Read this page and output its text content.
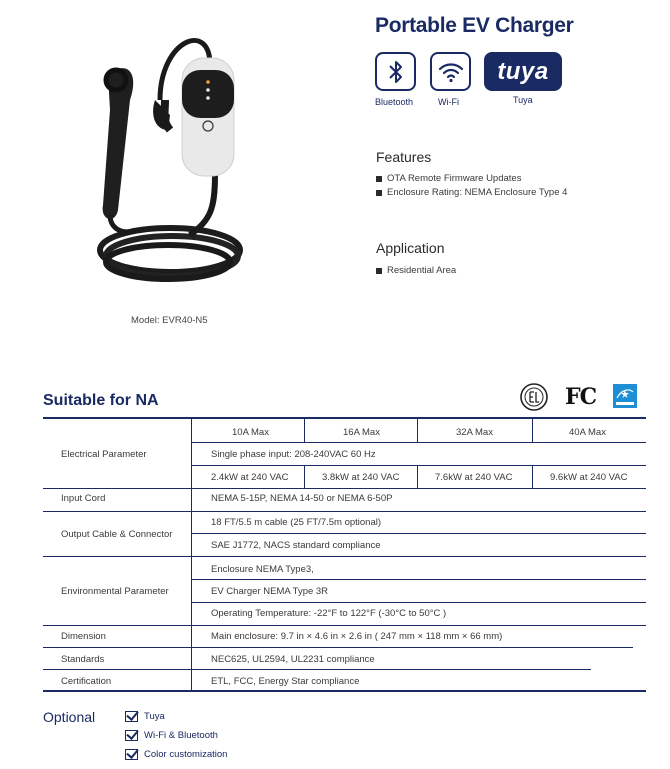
Model: EVR40-N5
Portable EV Charger
tuya
Bluetooth	Wi-Fi	Tuya
Features
OTA Remote Firmware Updates
Enclosure Rating: NEMA Enclosure Type 4
Application
Residential Area
Suitable for NA	FC
Electrical Parameter
10A Max	16A Max	32A Max	40A Max
Single phase input: 208-240VAC 60 Hz
2.4kW at 240 VAC	3.8kW at 240 VAC	7.6kW at 240 VAC	9.6kW at 240 VAC
Input Cord	NEMA 5-15P, NEMA 14-50 or NEMA 6-50P
Output Cable & Connector
18 FT/5.5 m cable (25 FT/7.5m optional)
SAE J1772, NACS standard compliance
Environmental Parameter
Enclosure NEMA Type3,
EV Charger NEMA Type 3R
Operating Temperature: -22°F to 122°F (-30°C to 50°C )
Dimension	Main enclosure: 9.7 in × 4.6 in × 2.6 in ( 247 mm × 118 mm × 66 mm)
Standards	NEC625, UL2594, UL2231 compliance
Certification	ETL, FCC, Energy Star compliance
Optional	Tuya
Wi-Fi & Bluetooth
Color customization
